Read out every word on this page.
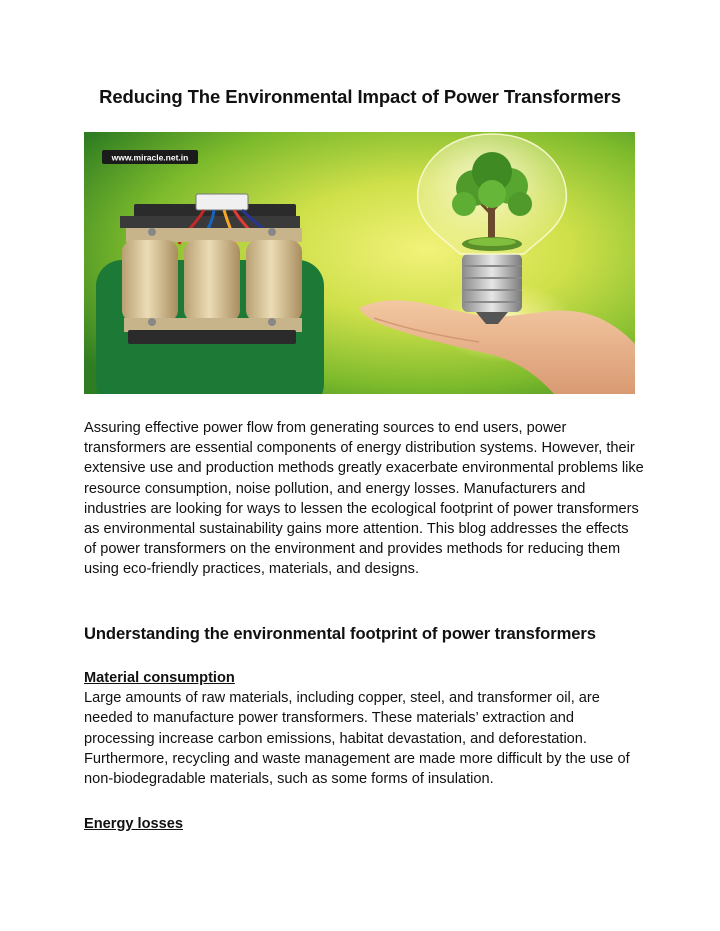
Reducing The Environmental Impact of Power Transformers
www.miracle.net.in

Assuring effective power flow from generating sources to end users, power transformers are essential components of energy distribution systems. However, their extensive use and production methods greatly exacerbate environmental problems like resource consumption, noise pollution, and energy losses. Manufacturers and industries are looking for ways to lessen the ecological footprint of power transformers as environmental sustainability gains more attention. This blog addresses the effects of power transformers on the environment and provides methods for reducing them using eco-friendly practices, materials, and designs.

Understanding the environmental footprint of power transformers

Material consumption

Large amounts of raw materials, including copper, steel, and transformer oil, are needed to manufacture power transformers. These materials’ extraction and processing increase carbon emissions, habitat devastation, and deforestation. Furthermore, recycling and waste management are made more difficult by the use of non-biodegradable materials, such as some forms of insulation.

Energy losses
